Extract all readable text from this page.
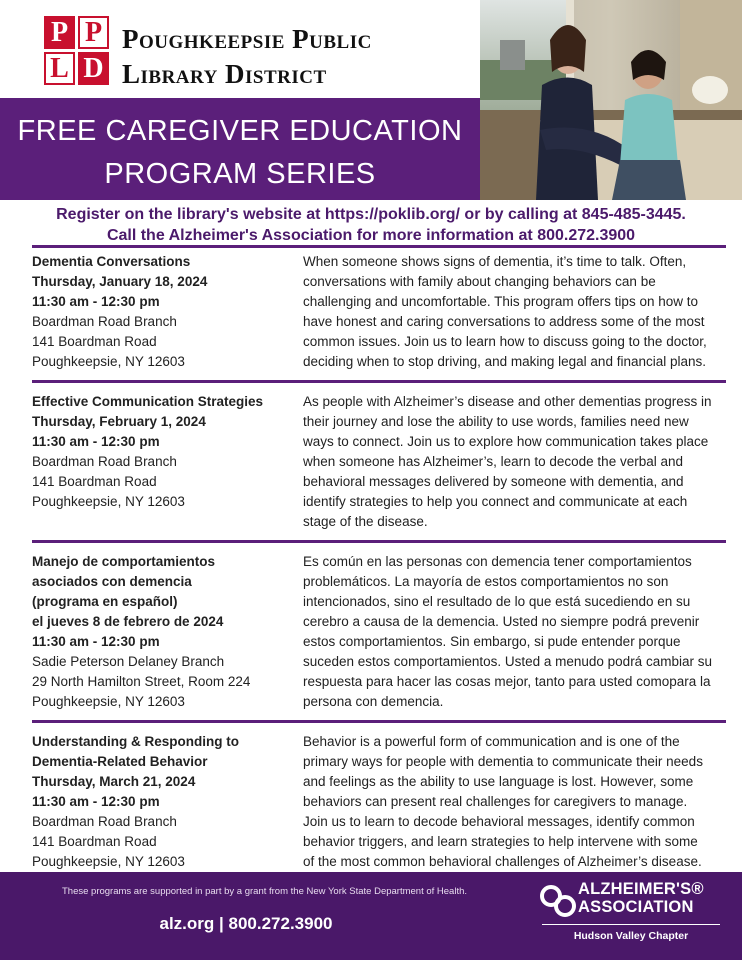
P P
L D
Poughkeepsie Public
Library District
FREE CAREGIVER EDUCATION
PROGRAM SERIES
Register on the library's website at https://poklib.org/ or by calling at 845-485-3445.
Call the Alzheimer's Association for more information at 800.272.3900
Dementia Conversations
Thursday, January 18, 2024
11:30 am - 12:30 pm
Boardman Road Branch
141 Boardman Road
Poughkeepsie, NY 12603
When someone shows signs of dementia, it’s time to talk. Often,
conversations with family about changing behaviors can be
challenging and uncomfortable. This program offers tips on how to
have honest and caring conversations to address some of the most
common issues. Join us to learn how to discuss going to the doctor,
deciding when to stop driving, and making legal and financial plans.
Effective Communication Strategies
Thursday, February 1, 2024
11:30 am - 12:30 pm
Boardman Road Branch
141 Boardman Road
Poughkeepsie, NY 12603
As people with Alzheimer’s disease and other dementias progress in
their journey and lose the ability to use words, families need new
ways to connect. Join us to explore how communication takes place
when someone has Alzheimer’s, learn to decode the verbal and
behavioral messages delivered by someone with dementia, and
identify strategies to help you connect and communicate at each
stage of the disease.
Manejo de comportamientos
asociados con demencia
(programa en español)
el jueves 8 de febrero de 2024
11:30 am - 12:30 pm
Sadie Peterson Delaney Branch
29 North Hamilton Street, Room 224
Poughkeepsie, NY 12603
Es común en las personas con demencia tener comportamientos
problemáticos. La mayoría de estos comportamientos no son
intencionados, sino el resultado de lo que está sucediendo en su
cerebro a causa de la demencia. Usted no siempre podrá prevenir
estos comportamientos. Sin embargo, si pude entender porque
suceden estos comportamientos. Usted a menudo podrá cambiar su
respuesta para hacer las cosas mejor, tanto para usted comopara la
persona con demencia.
Understanding & Responding to
Dementia-Related Behavior
Thursday, March 21, 2024
11:30 am - 12:30 pm
Boardman Road Branch
141 Boardman Road
Poughkeepsie, NY 12603
Behavior is a powerful form of communication and is one of the
primary ways for people with dementia to communicate their needs
and feelings as the ability to use language is lost. However, some
behaviors can present real challenges for caregivers to manage.
Join us to learn to decode behavioral messages, identify common
behavior triggers, and learn strategies to help intervene with some
of the most common behavioral challenges of Alzheimer’s disease.
These programs are supported in part by a grant from the New York State Department of Health.
alz.org | 800.272.3900
ALZHEIMER'S®
ASSOCIATION
Hudson Valley Chapter
